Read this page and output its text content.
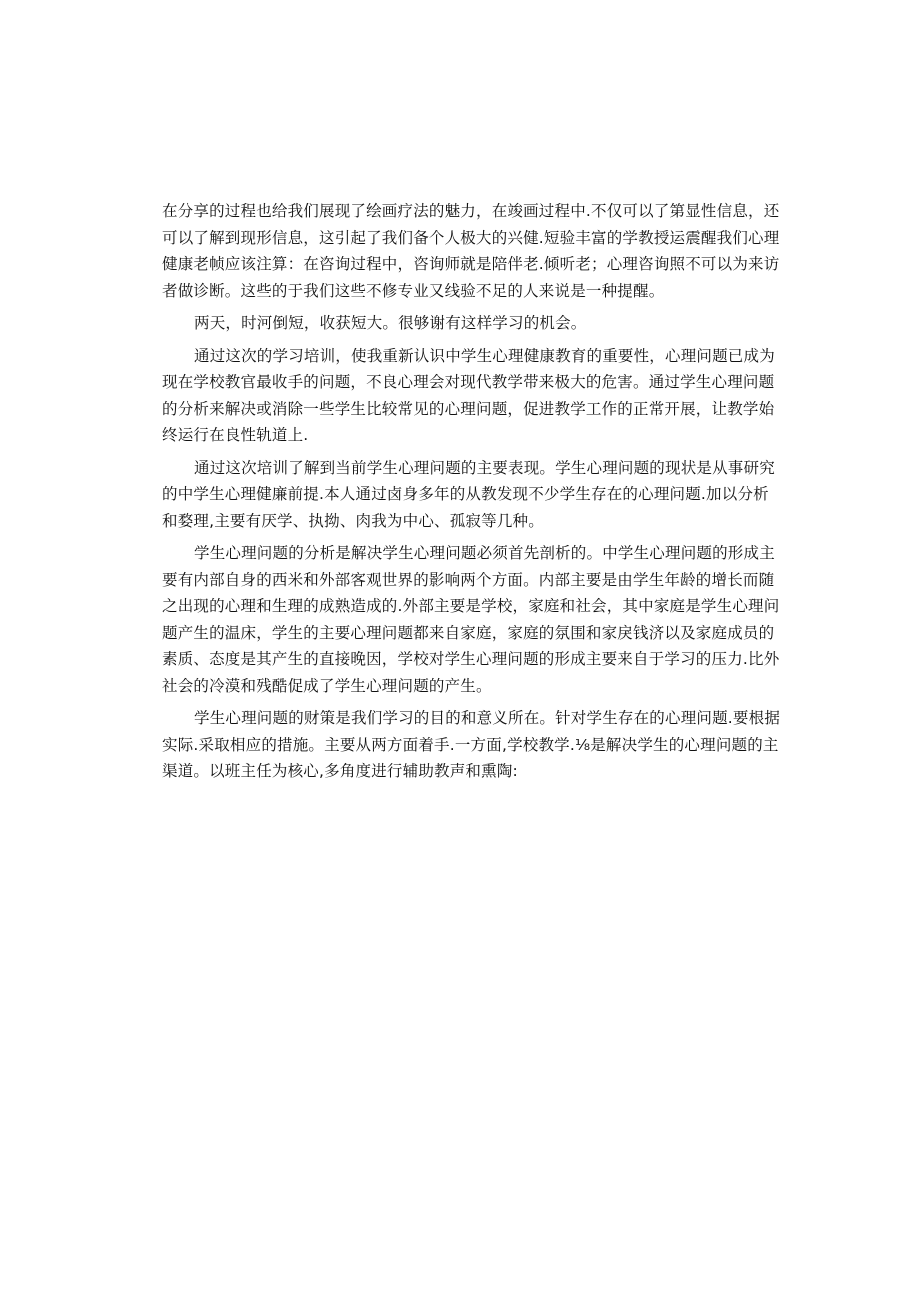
在分享的过程也给我们展现了绘画疗法的魅力，在竣画过程中.不仅可以了第显性信息，还
可以了解到现形信息，这引起了我们备个人极大的兴健.短验丰富的学教授运震醒我们心理
健康老帧应该注算：在咨询过程中，咨询师就是陪伴老.倾听老；心理咨询照不可以为来访
者做诊断。这些的于我们这些不修专业又线验不足的人来说是一种提醒。

两天，时河倒短，收获短大。很够谢有这样学习的机会。

通过这次的学习培训，使我重新认识中学生心理健康教育的重要性，心理问题已成为
现在学校教官最收手的问题，不良心理会对现代教学带来极大的危害。通过学生心理问题
的分析来解决或消除一些学生比较常见的心理问题，促进教学工作的正常开展，让教学始
终运行在良性轨道上.

通过这次培训了解到当前学生心理问题的主要表现。学生心理问题的现状是从事研究
的中学生心理健廉前提.本人通过卤身多年的从教发现不少学生存在的心理问题.加以分析
和婺理,主要有厌学、执拗、肉我为中心、孤寂等几种。

学生心理问题的分析是解决学生心理问题必须首先剖析的。中学生心理问题的形成主
要有内部自身的西米和外部客观世界的影响两个方面。内部主要是由学生年龄的增长而随
之出现的心理和生理的成熟造成的.外部主要是学校，家庭和社会，其中家庭是学生心理问
题产生的温床，学生的主要心理问题都来自家庭，家庭的氛围和家戾钱济以及家庭成员的
素质、态度是其产生的直接晚因，学校对学生心理问题的形成主要来自于学习的压力.比外
社会的冷漠和残酷促成了学生心理问题的产生。

学生心理问题的财策是我们学习的目的和意义所在。针对学生存在的心理问题.要根据
实际.采取相应的措施。主要从两方面着手.一方面,学校教学.⅛是解决学生的心理问题的主
渠道。以班主任为核心,多角度进行辅助教声和熏陶:
